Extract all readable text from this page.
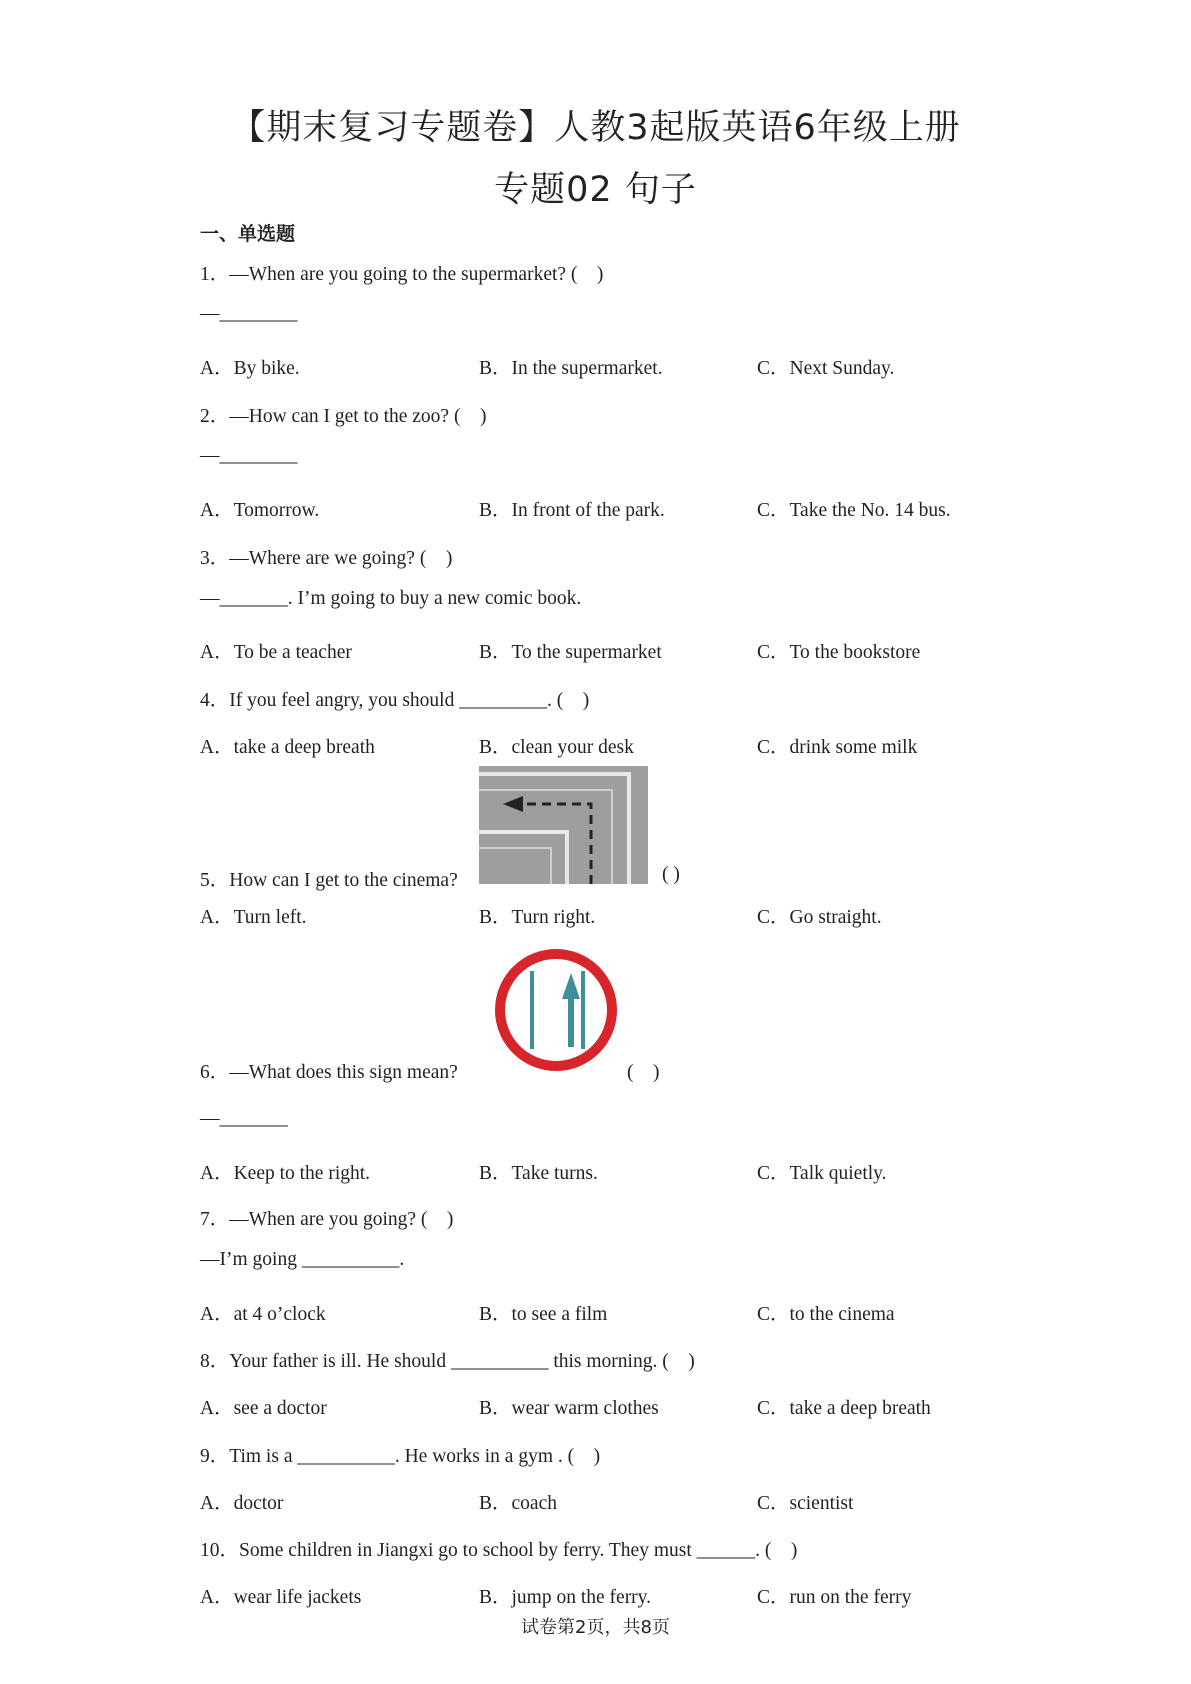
【期末复习专题卷】人教3起版英语6年级上册
专题02 句子
一、单选题
1．—When are you going to the supermarket? (　)
—________
A．By bike.	B．In the supermarket.	C．Next Sunday.
2．—How can I get to the zoo? (　)
—________
A．Tomorrow.	B．In front of the park.	C．Take the No. 14 bus.
3．—Where are we going? (　)
—_______. I’m going to buy a new comic book.
A．To be a teacher	B．To the supermarket	C．To the bookstore
4．If you feel angry, you should _________. (　)
A．take a deep breath	B．clean your desk	C．drink some milk
5．How can I get to the cinema?	( )
A．Turn left.	B．Turn right.	C．Go straight.
6．—What does this sign mean?	(　)
—_______
A．Keep to the right.	B．Take turns.	C．Talk quietly.
7．—When are you going? (　)
—I’m going __________.
A．at 4 o’clock	B．to see a film	C．to the cinema
8．Your father is ill. He should __________ this morning. (　)
A．see a doctor	B．wear warm clothes	C．take a deep breath
9．Tim is a __________. He works in a gym . (　)
A．doctor	B．coach	C．scientist
10．Some children in Jiangxi go to school by ferry. They must ______. (　)
A．wear life jackets	B．jump on the ferry.	C．run on the ferry
试卷第2页，共8页
